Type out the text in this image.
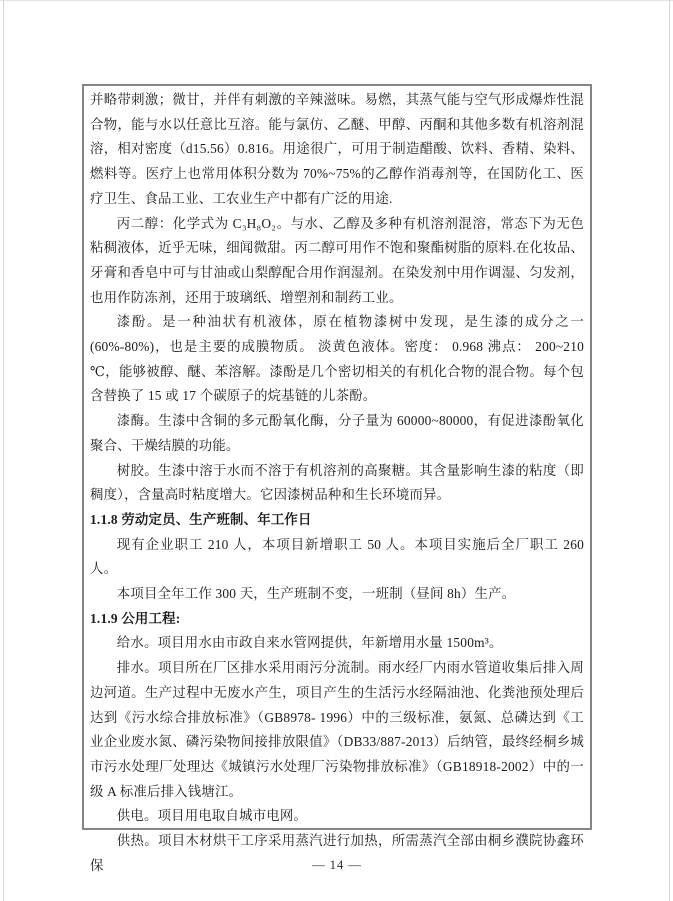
并略带刺激；微甘，并伴有刺激的辛辣滋味。易燃，其蒸气能与空气形成爆炸性混合物，能与水以任意比互溶。能与氯仿、乙醚、甲醇、丙酮和其他多数有机溶剂混溶，相对密度（d15.56）0.816。用途很广，可用于制造醋酸、饮料、香精、染料、燃料等。医疗上也常用体积分数为 70%~75%的乙醇作消毒剂等，在国防化工、医疗卫生、食品工业、工农业生产中都有广泛的用途.

丙二醇：化学式为 C₃H₈O₂。与水、乙醇及多种有机溶剂混溶，常态下为无色粘稠液体，近乎无味，细闻微甜。丙二醇可用作不饱和聚酯树脂的原料.在化妆品、牙膏和香皂中可与甘油或山梨醇配合用作润湿剂。在染发剂中用作调湿、匀发剂，也用作防冻剂，还用于玻璃纸、增塑剂和制药工业。

漆酚。是一种油状有机液体，原在植物漆树中发现，是生漆的成分之一(60%-80%)，也是主要的成膜物质。 淡黄色液体。密度： 0.968 沸点： 200~210 ℃，能够被醇、醚、苯溶解。漆酚是几个密切相关的有机化合物的混合物。每个包含替换了 15 或 17 个碳原子的烷基链的儿茶酚。

漆酶。生漆中含铜的多元酚氧化酶，分子量为 60000~80000，有促进漆酚氧化聚合、干燥结膜的功能。

树胶。生漆中溶于水而不溶于有机溶剂的高聚糖。其含量影响生漆的粘度（即稠度），含量高时粘度增大。它因漆树品种和生长环境而异。

1.1.8 劳动定员、生产班制、年工作日

现有企业职工 210 人，本项目新增职工 50 人。本项目实施后全厂职工 260 人。

本项目全年工作 300 天，生产班制不变，一班制（昼间 8h）生产。

1.1.9 公用工程:

给水。项目用水由市政自来水管网提供，年新增用水量 1500m³。

排水。项目所在厂区排水采用雨污分流制。雨水经厂内雨水管道收集后排入周边河道。生产过程中无废水产生，项目产生的生活污水经隔油池、化粪池预处理后达到《污水综合排放标准》（GB8978- 1996）中的三级标准，氨氮、总磷达到《工业企业废水氮、磷污染物间接排放限值》（DB33/887-2013）后纳管，最终经桐乡城市污水处理厂处理达《城镇污水处理厂污染物排放标准》（GB18918-2002）中的一级 A 标准后排入钱塘江。

供电。项目用电取自城市电网。

供热。项目木材烘干工序采用蒸汽进行加热，所需蒸汽全部由桐乡濮院协鑫环保	— 14 —
